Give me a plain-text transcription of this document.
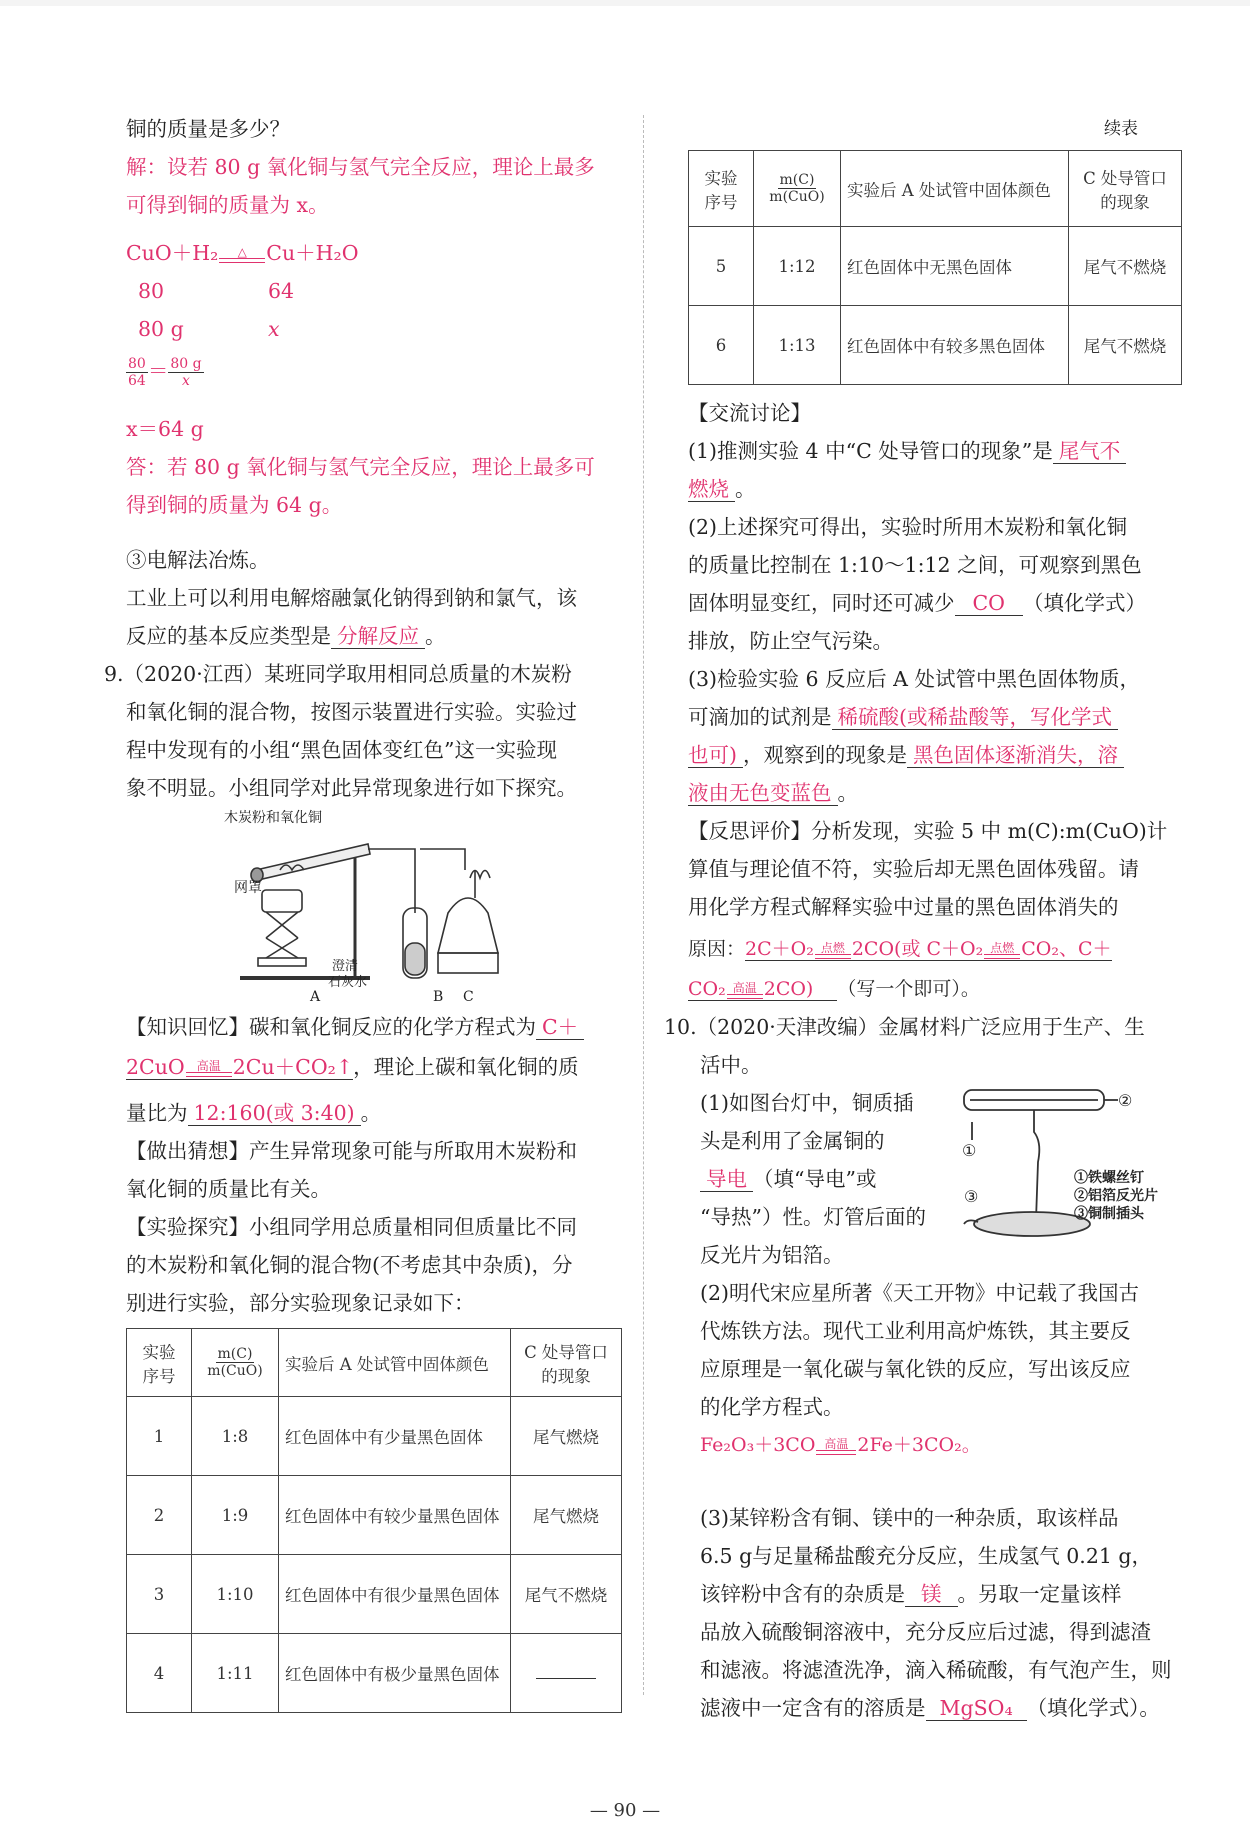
铜的质量是多少？
解：设若 80 g 氧化铜与氢气完全反应，理论上最多
可得到铜的质量为 x。
CuO＋H₂ △ Cu＋H₂O
80	64
80 g	x
$\frac{80}{64} = \frac{80 g}{x}$
x＝64 g
答：若 80 g 氧化铜与氢气完全反应，理论上最多可
得到铜的质量为 64 g。
③电解法冶炼。
工业上可以利用电解熔融氯化钠得到钠和氯气，该
反应的基本反应类型是 分解反应 。
9.（2020·江西）某班同学取用相同总质量的木炭粉
和氧化铜的混合物，按图示装置进行实验。实验过
程中发现有的小组“黑色固体变红色”这一实验现
象不明显。小组同学对此异常现象进行如下探究。
木炭粉和氧化铜
网罩
澄清
石灰水
A	B C
【知识回忆】碳和氧化铜反应的化学方程式为 C＋
2CuO 高温 2Cu＋CO₂↑，理论上碳和氧化铜的质
量比为 12:160(或 3:40) 。
【做出猜想】产生异常现象可能与所取用木炭粉和
氧化铜的质量比有关。
【实验探究】小组同学用总质量相同但质量比不同
的木炭粉和氧化铜的混合物(不考虑其中杂质)，分
别进行实验，部分实验现象记录如下：
实验
序号	$\frac{m(C)}{\text{m(CuO)}}$	实验后 A 处试管中固体颜色	C 处导管口的现象
1	1:8	红色固体中有少量黑色固体	尾气燃烧
2	1:9	红色固体中有较少量黑色固体	尾气燃烧
3	1:10	红色固体中有很少量黑色固体	尾气不燃烧
4	1:11	红色固体中有极少量黑色固体	
续表
实验
序号	$\frac{m(C)}{\text{m(CuO)}}$	实验后 A 处试管中固体颜色	C 处导管口的现象
5	1:12	红色固体中无黑色固体	尾气不燃烧
6	1:13	红色固体中有较多黑色固体	尾气不燃烧
【交流讨论】
(1)推测实验 4 中“C 处导管口的现象”是 尾气不
燃烧 。
(2)上述探究可得出，实验时所用木炭粉和氧化铜
的质量比控制在 1:10～1:12 之间，可观察到黑色
固体明显变红，同时还可减少 CO （填化学式）
排放，防止空气污染。
(3)检验实验 6 反应后 A 处试管中黑色固体物质，
可滴加的试剂是 稀硫酸(或稀盐酸等，写化学式
也可) ，观察到的现象是 黑色固体逐渐消失，溶
液由无色变蓝色 。
【反思评价】分析发现，实验 5 中 m(C):m(CuO)计
算值与理论值不符，实验后却无黑色固体残留。请
用化学方程式解释实验中过量的黑色固体消失的
原因：2C＋O₂ 点燃 2CO(或 C＋O₂ 点燃 CO₂、C＋
CO₂ 高温 2CO) （写一个即可）。
10.（2020·天津改编）金属材料广泛应用于生产、生
活中。
(1)如图台灯中，铜质插
头是利用了金属铜的
导电 （填“导电”或
“导热”）性。灯管后面的
反光片为铝箔。
②
①
③
①铁螺丝钉
②铝箔反光片
③铜制插头
(2)明代宋应星所著《天工开物》中记载了我国古
代炼铁方法。现代工业利用高炉炼铁，其主要反
应原理是一氧化碳与氧化铁的反应，写出该反应
的化学方程式。
Fe₂O₃＋3CO 高温 2Fe＋3CO₂。
(3)某锌粉含有铜、镁中的一种杂质，取该样品
6.5 g与足量稀盐酸充分反应，生成氢气 0.21 g，
该锌粉中含有的杂质是 镁 。另取一定量该样
品放入硫酸铜溶液中，充分反应后过滤，得到滤渣
和滤液。将滤渣洗净，滴入稀硫酸，有气泡产生，则
滤液中一定含有的溶质是 MgSO₄ （填化学式）。
— 90 —
